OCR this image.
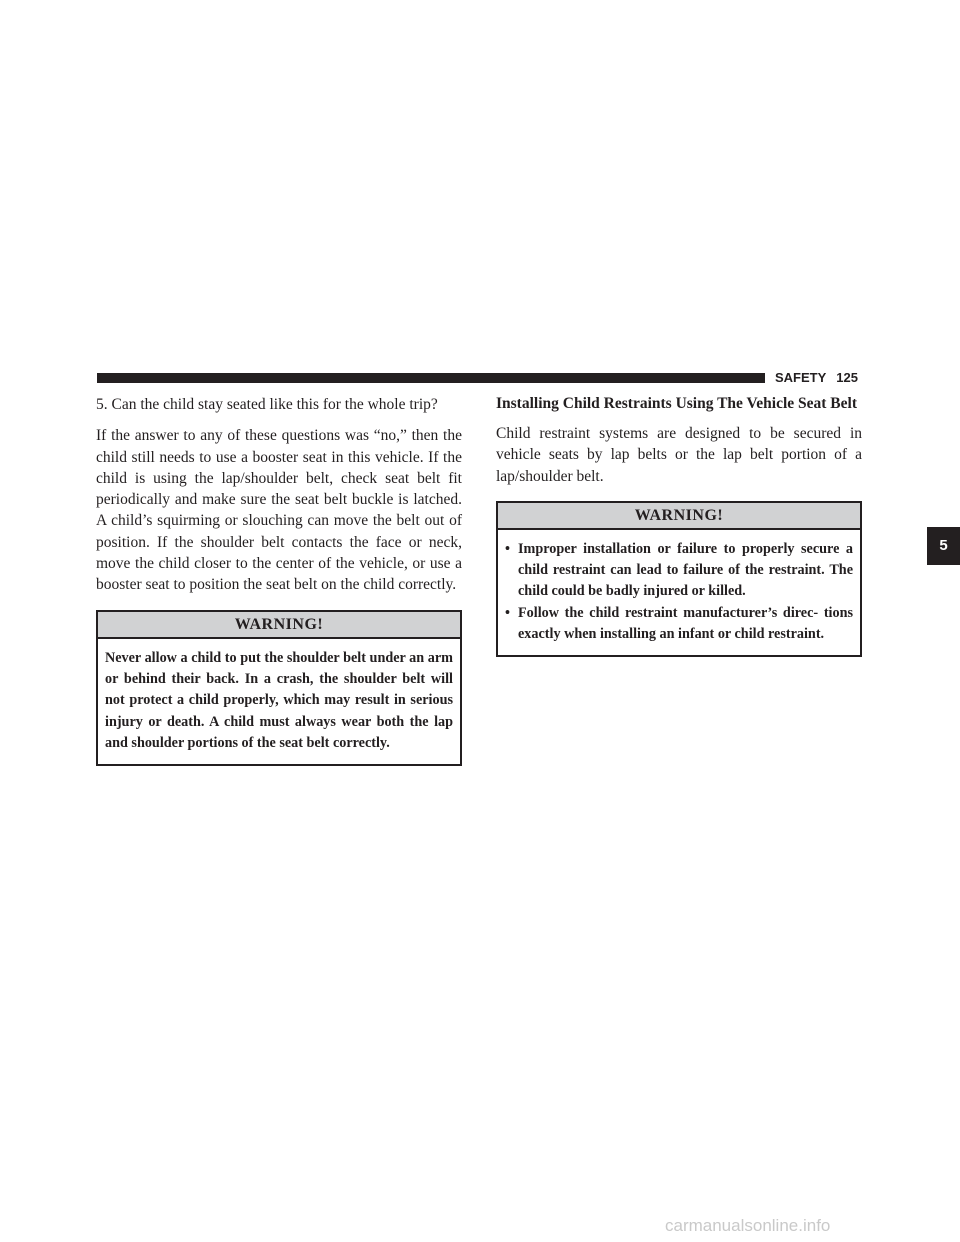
SAFETY 125

5. Can the child stay seated like this for the whole trip?

If the answer to any of these questions was “no,” then the child still needs to use a booster seat in this vehicle. If the child is using the lap/shoulder belt, check seat belt fit periodically and make sure the seat belt buckle is latched. A child’s squirming or slouching can move the belt out of position. If the shoulder belt contacts the face or neck, move the child closer to the center of the vehicle, or use a booster seat to position the seat belt on the child correctly.

WARNING!
Never allow a child to put the shoulder belt under an arm or behind their back. In a crash, the shoulder belt will not protect a child properly, which may result in serious injury or death. A child must always wear both the lap and shoulder portions of the seat belt correctly.

Installing Child Restraints Using The Vehicle Seat Belt

Child restraint systems are designed to be secured in vehicle seats by lap belts or the lap belt portion of a lap/shoulder belt.

WARNING!
• Improper installation or failure to properly secure a child restraint can lead to failure of the restraint. The child could be badly injured or killed.
• Follow the child restraint manufacturer’s direc- tions exactly when installing an infant or child restraint.
5
carmanualsonline.info
